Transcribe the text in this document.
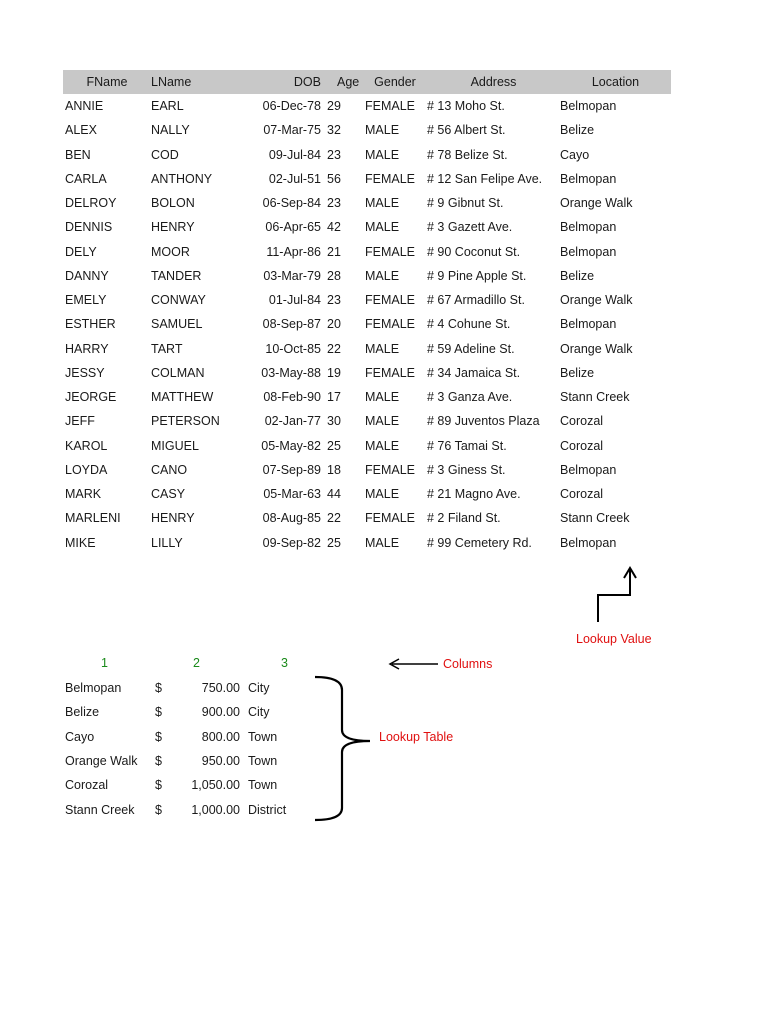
FName	LName	DOB	Age	Gender	Address	Location
ANNIE	EARL	06-Dec-78 29	FEMALE # 13 Moho St.	Belmopan
ALEX	NALLY	07-Mar-75 32	MALE	# 56 Albert St.	Belize
BEN	COD	09-Jul-84 23	MALE	# 78 Belize St.	Cayo
CARLA	ANTHONY	02-Jul-51 56	FEMALE # 12 San Felipe Ave.	Belmopan
DELROY	BOLON	06-Sep-84 23	MALE	# 9 Gibnut St.	Orange Walk
DENNIS	HENRY	06-Apr-65 42	MALE	# 3 Gazett Ave.	Belmopan
DELY	MOOR	11-Apr-86 21	FEMALE # 90 Coconut St.	Belmopan
DANNY	TANDER	03-Mar-79 28	MALE	# 9 Pine Apple St.	Belize
EMELY	CONWAY	01-Jul-84 23	FEMALE # 67 Armadillo St.	Orange Walk
ESTHER	SAMUEL	08-Sep-87 20	FEMALE # 4 Cohune St.	Belmopan
HARRY	TART	10-Oct-85 22	MALE	# 59 Adeline St.	Orange Walk
JESSY	COLMAN	03-May-88 19	FEMALE # 34 Jamaica St.	Belize
JEORGE	MATTHEW	08-Feb-90 17	MALE	# 3 Ganza Ave.	Stann Creek
JEFF	PETERSON	02-Jan-77 30	MALE	# 89 Juventos Plaza	Corozal
KAROL	MIGUEL	05-May-82 25	MALE	# 76 Tamai St.	Corozal
LOYDA	CANO	07-Sep-89 18	FEMALE # 3 Giness St.	Belmopan
MARK	CASY	05-Mar-63 44	MALE	# 21 Magno Ave.	Corozal
MARLENI	HENRY	08-Aug-85 22	FEMALE # 2 Filand St.	Stann Creek
MIKE	LILLY	09-Sep-82 25	MALE	# 99 Cemetery Rd.	Belmopan
1	2	3
Belmopan	$	750.00 City
Belize	$	900.00 City
Cayo	$	800.00 Town
Orange Walk	$	950.00 Town
Corozal	$	1,050.00 Town
Stann Creek	$	1,000.00 District
Lookup Value
Columns
Lookup Table
